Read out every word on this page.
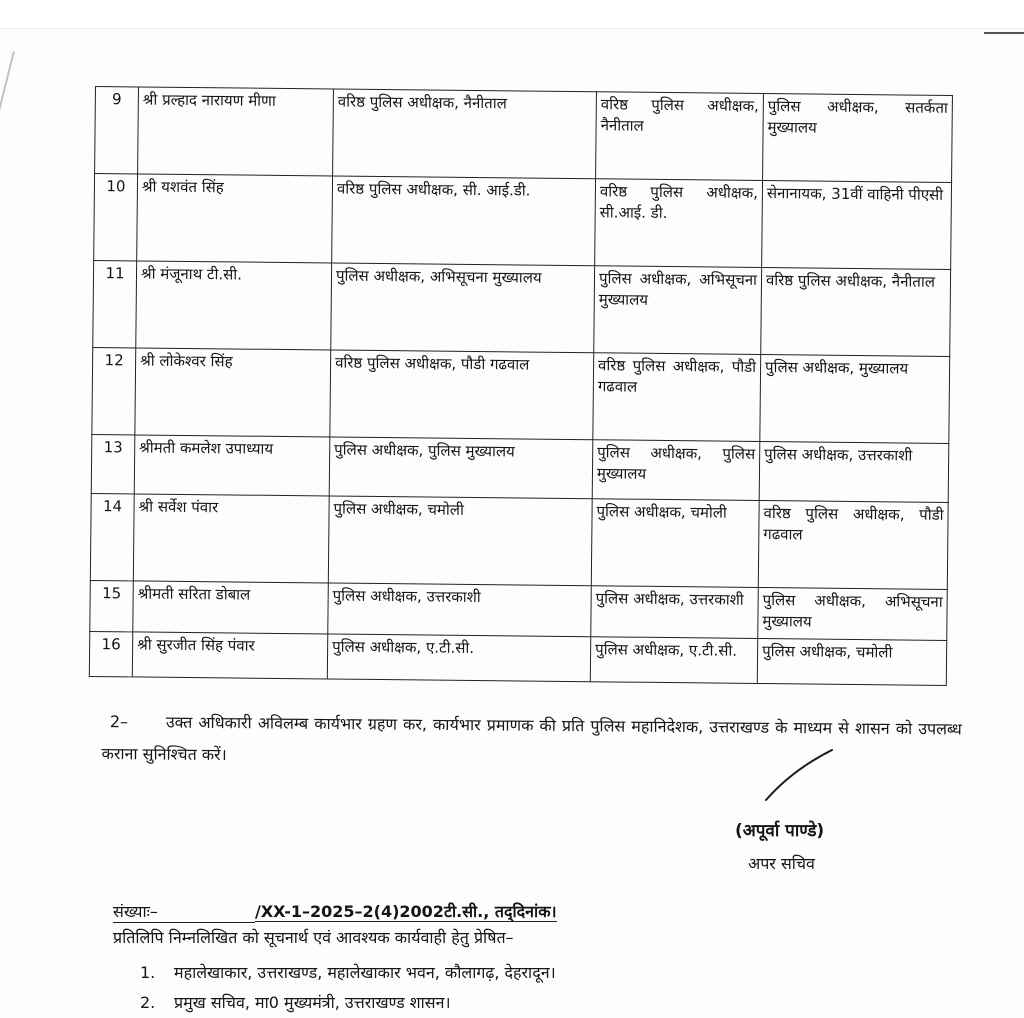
9	श्री प्रल्हाद नारायण मीणा	वरिष्ठ पुलिस अधीक्षक, नैनीताल	वरिष्ठ पुलिस अधीक्षक, नैनीताल	पुलिस अधीक्षक, सतर्कता मुख्यालय
10	श्री यशवंत सिंह	वरिष्ठ पुलिस अधीक्षक, सी. आई.डी.	वरिष्ठ पुलिस अधीक्षक, सी.आई. डी.	सेनानायक, 31वीं वाहिनी पीएसी
11	श्री मंजूनाथ टी.सी.	पुलिस अधीक्षक, अभिसूचना मुख्यालय	पुलिस अधीक्षक, अभिसूचना मुख्यालय	वरिष्ठ पुलिस अधीक्षक, नैनीताल
12	श्री लोकेश्वर सिंह	वरिष्ठ पुलिस अधीक्षक, पौडी गढवाल	वरिष्ठ पुलिस अधीक्षक, पौडी गढवाल	पुलिस अधीक्षक, मुख्यालय
13	श्रीमती कमलेश उपाध्याय	पुलिस अधीक्षक, पुलिस मुख्यालय	पुलिस अधीक्षक, पुलिस मुख्यालय	पुलिस अधीक्षक, उत्तरकाशी
14	श्री सर्वेश पंवार	पुलिस अधीक्षक, चमोली	पुलिस अधीक्षक, चमोली	वरिष्ठ पुलिस अधीक्षक, पौडी गढवाल
15	श्रीमती सरिता डोबाल	पुलिस अधीक्षक, उत्तरकाशी	पुलिस अधीक्षक, उत्तरकाशी	पुलिस अधीक्षक, अभिसूचना मुख्यालय
16	श्री सुरजीत सिंह पंवार	पुलिस अधीक्षक, ए.टी.सी.	पुलिस अधीक्षक, ए.टी.सी.	पुलिस अधीक्षक, चमोली
2– उक्त अधिकारी अविलम्ब कार्यभार ग्रहण कर, कार्यभार प्रमाणक की प्रति पुलिस महानिदेशक, उत्तराखण्ड के माध्यम से शासन को उपलब्ध कराना सुनिश्चित करें।
(अपूर्वा पाण्डे)
अपर सचिव
संख्याः–	/XX-1–2025–2(4)2002टी.सी., तद्‌दिनांक।
प्रतिलिपि निम्नलिखित को सूचनार्थ एवं आवश्यक कार्यवाही हेतु प्रेषित–
1. महालेखाकार, उत्तराखण्ड, महालेखाकार भवन, कौलागढ़, देहरादून।
2. प्रमुख सचिव, मा0 मुख्यमंत्री, उत्तराखण्ड शासन।
